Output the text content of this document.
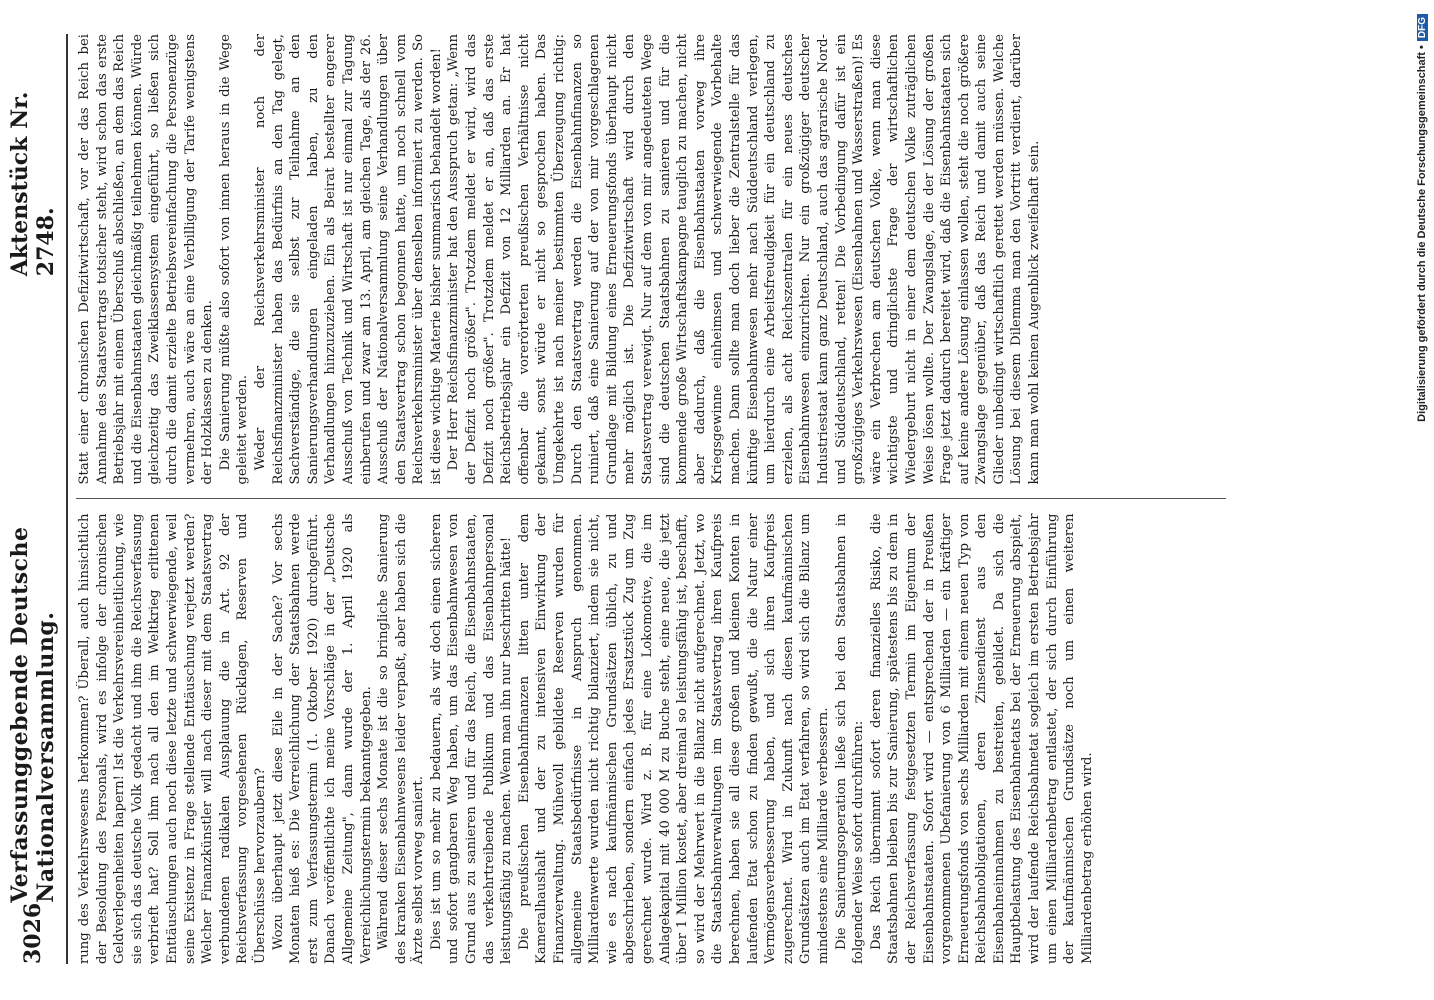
3026
Verfassunggebende Deutsche Nationalversammlung.
Aktenstück Nr. 2748.

rung des Verkehrswesens herkommen? Überall, auch hinsichtlich der Besoldung des Personals, wird es infolge der chronischen Geldverlegenheiten hapern! Ist die Verkehrsvereinheitlichung, wie sie sich das deutsche Volk gedacht und ihm die Reichsverfassung verbrieft hat? Soll ihm nach all den im Weltkrieg erlittenen Enttäuschungen auch noch diese letzte und schwerwiegende, weil seine Existenz in Frage stellende Enttäuschung verjetzt werden? Welcher Finanzkünstler will nach dieser mit dem Staatsvertrag verbundenen radikalen Ausplauung die in Art. 92 der Reichsverfassung vorgesehenen Rücklagen, Reserven und Überschüsse hervorzaubern? Wozu überhaupt jetzt diese Eile in der Sache? Vor sechs Monaten hieß es: Die Verreichlichung der Staatsbahnen werde erst zum Verfassungstermin (1. Oktober 1920) durchgeführt. Danach veröffentlichte ich meine Vorschläge in der „Deutsche Allgemeine Zeitung", dann wurde der 1. April 1920 als Verreichlichungstermin bekanntgegeben. Während dieser sechs Monate ist die so bringliche Sanierung des kranken Eisenbahnwesens leider verpaßt, aber haben sich die Ärzte selbst vorweg saniert. Dies ist um so mehr zu bedauern, als wir doch einen sicheren und sofort gangbaren Weg haben, um das Eisenbahnwesen von Grund aus zu sanieren und für das Reich, die Eisenbahnstaaten, das verkehrtreibende Publikum und das Eisenbahnpersonal leistungsfähig zu machen. Wenn man ihn nur beschritten hätte! Die preußischen Eisenbahnfinanzen litten unter dem Kameralhaushalt und der zu intensiven Einwirkung der Finanzverwaltung. Mühevoll gebildete Reserven wurden für allgemeine Staatsbedürfnisse in Anspruch genommen. Milliardenwerte wurden nicht richtig bilanziert, indem sie nicht, wie es nach kaufmännischen Grundsätzen üblich, zu und abgeschrieben, sondern einfach jedes Ersatzstück Zug um Zug gerechnet wurde. Wird z. B. für eine Lokomotive, die im Anlagekapital mit 40 000 M zu Buche steht, eine neue, die jetzt über 1 Million kostet, aber dreimal so leistungsfähig ist, beschafft, so wird der Mehrwert in die Bilanz nicht aufgerechnet. Jetzt, wo die Staatsbahnverwaltungen im Staatsvertrag ihren Kaufpreis berechnen, haben sie all diese großen und kleinen Konten in laufenden Etat schon zu finden gewußt, die die Natur einer Vermögensverbesserung haben, und sich ihren Kaufpreis zugerechnet. Wird in Zukunft nach diesen kaufmännischen Grundsätzen auch im Etat verfahren, so wird sich die Bilanz um mindestens eine Milliarde verbessern. Die Sanierungsoperation ließe sich bei den Staatsbahnen in folgender Weise sofort durchführen: Das Reich übernimmt sofort deren finanzielles Risiko, die Staatsbahnen bleiben bis zur Sanierung, spätestens bis zu dem in der Reichsverfassung festgesetzten Termin im Eigentum der Eisenbahnstaaten. Sofort wird — entsprechend der in Preußen vorgenommenen Ubefanierung von 6 Milliarden — ein kräftiger Erneuerungsfonds von sechs Milliarden mit einem neuen Typ von Reichsbahnobligationen, deren Zinsendienst aus den Eisenbahneinnahmen zu bestreiten, gebildet. Da sich die Hauptbelastung des Eisenbahnetats bei der Erneuerung abspielt, wird der laufende Reichsbahnetat sogleich im ersten Betriebsjahr um einen Milliardenbetrag entlastet, der sich durch Einführung der kaufmännischen Grundsätze noch um einen weiteren Milliardenbetrag erhöhen wird.

Statt einer chronischen Defizitwirtschaft, vor der das Reich bei Annahme des Staatsvertrags totsicher steht, wird schon das erste Betriebsjahr mit einem Überschuß abschließen, an dem das Reich und die Eisenbahnstaaten gleichmäßig teilnehmen können. Würde gleichzeitig das Zweiklassensystem eingeführt, so ließen sich durch die damit erzielte Betriebsvereinfachung die Personenzüge vermehren, auch wäre an eine Verbilligung der Tarife wenigstens der Holzklassen zu denken. Die Sanierung müßte also sofort von innen heraus in die Wege geleitet werden. Weder der Reichsverkehrsminister noch der Reichsfinanzminister haben das Bedürfnis an den Tag gelegt, Sachverständige, die sie selbst zur Teilnahme an den Sanierungsverhandlungen eingeladen haben, zu den Verhandlungen hinzuzuziehen. Ein als Beirat bestellter engerer Ausschuß von Technik und Wirtschaft ist nur einmal zur Tagung einberufen und zwar am 13. April, am gleichen Tage, als der 26. Ausschuß der Nationalversammlung seine Verhandlungen über den Staatsvertrag schon begonnen hatte, um noch schnell vom Reichsverkehrsminister über denselben informiert zu werden. So ist diese wichtige Materie bisher summarisch behandelt worden! Der Herr Reichsfinanzminister hat den Ausspruch getan: „Wenn der Defizit noch größer". Trotzdem meldet er wird, wird das Defizit noch größer". Trotzdem meldet er an, daß das erste Reichsbetriebsjahr ein Defizit von 12 Milliarden an. Er hat offenbar die vorerörterten preußischen Verhältnisse nicht gekannt, sonst würde er nicht so gesprochen haben. Das Umgekehrte ist nach meiner bestimmten Überzeugung richtig: Durch den Staatsvertrag werden die Eisenbahnfinanzen so ruiniert, daß eine Sanierung auf der von mir vorgeschlagenen Grundlage mit Bildung eines Erneuerungsfonds überhaupt nicht mehr möglich ist. Die Defizitwirtschaft wird durch den Staatsvertrag verewigt. Nur auf dem von mir angedeuteten Wege sind die deutschen Staatsbahnen zu sanieren und für die kommende große Wirtschaftskampagne tauglich zu machen, nicht aber dadurch, daß die Eisenbahnstaaten vorweg ihre Kriegsgewinne einheimsen und schwerwiegende Vorbehalte machen. Dann sollte man doch lieber die Zentralstelle für das künftige Eisenbahnwesen mehr nach Süddeutschland verlegen, um hierdurch eine Arbeitsfreudigkeit für ein deutschland zu erzielen, als acht Reichszentralen für ein neues deutsches Eisenbahnwesen einzurichten. Nur ein großzügiger deutscher Industriestaat kann ganz Deutschland, auch das agrarische Nord- und Süddeutschland, retten! Die Vorbedingung dafür ist ein großzügiges Verkehrswesen (Eisenbahnen und Wasserstraßen)! Es wäre ein Verbrechen am deutschen Volke, wenn man diese wichtigste und dringlichste Frage der wirtschaftlichen Wiedergeburt nicht in einer dem deutschen Volke zuträglichen Weise lösen wollte. Der Zwangslage, die der Lösung der großen Frage jetzt dadurch bereitet wird, daß die Eisenbahnstaaten sich auf keine andere Lösung einlassen wollen, steht die noch größere Zwangslage gegenüber, daß das Reich und damit auch seine Glieder unbedingt wirtschaftlich gerettet werden müssen. Welche Lösung bei diesem Dilemma man den Vortritt verdient, darüber kann man wohl keinen Augenblick zweifelhaft sein.	Digitalisierung gefördert durch die Deutsche Forschungsgemeinschaft •
DFG
